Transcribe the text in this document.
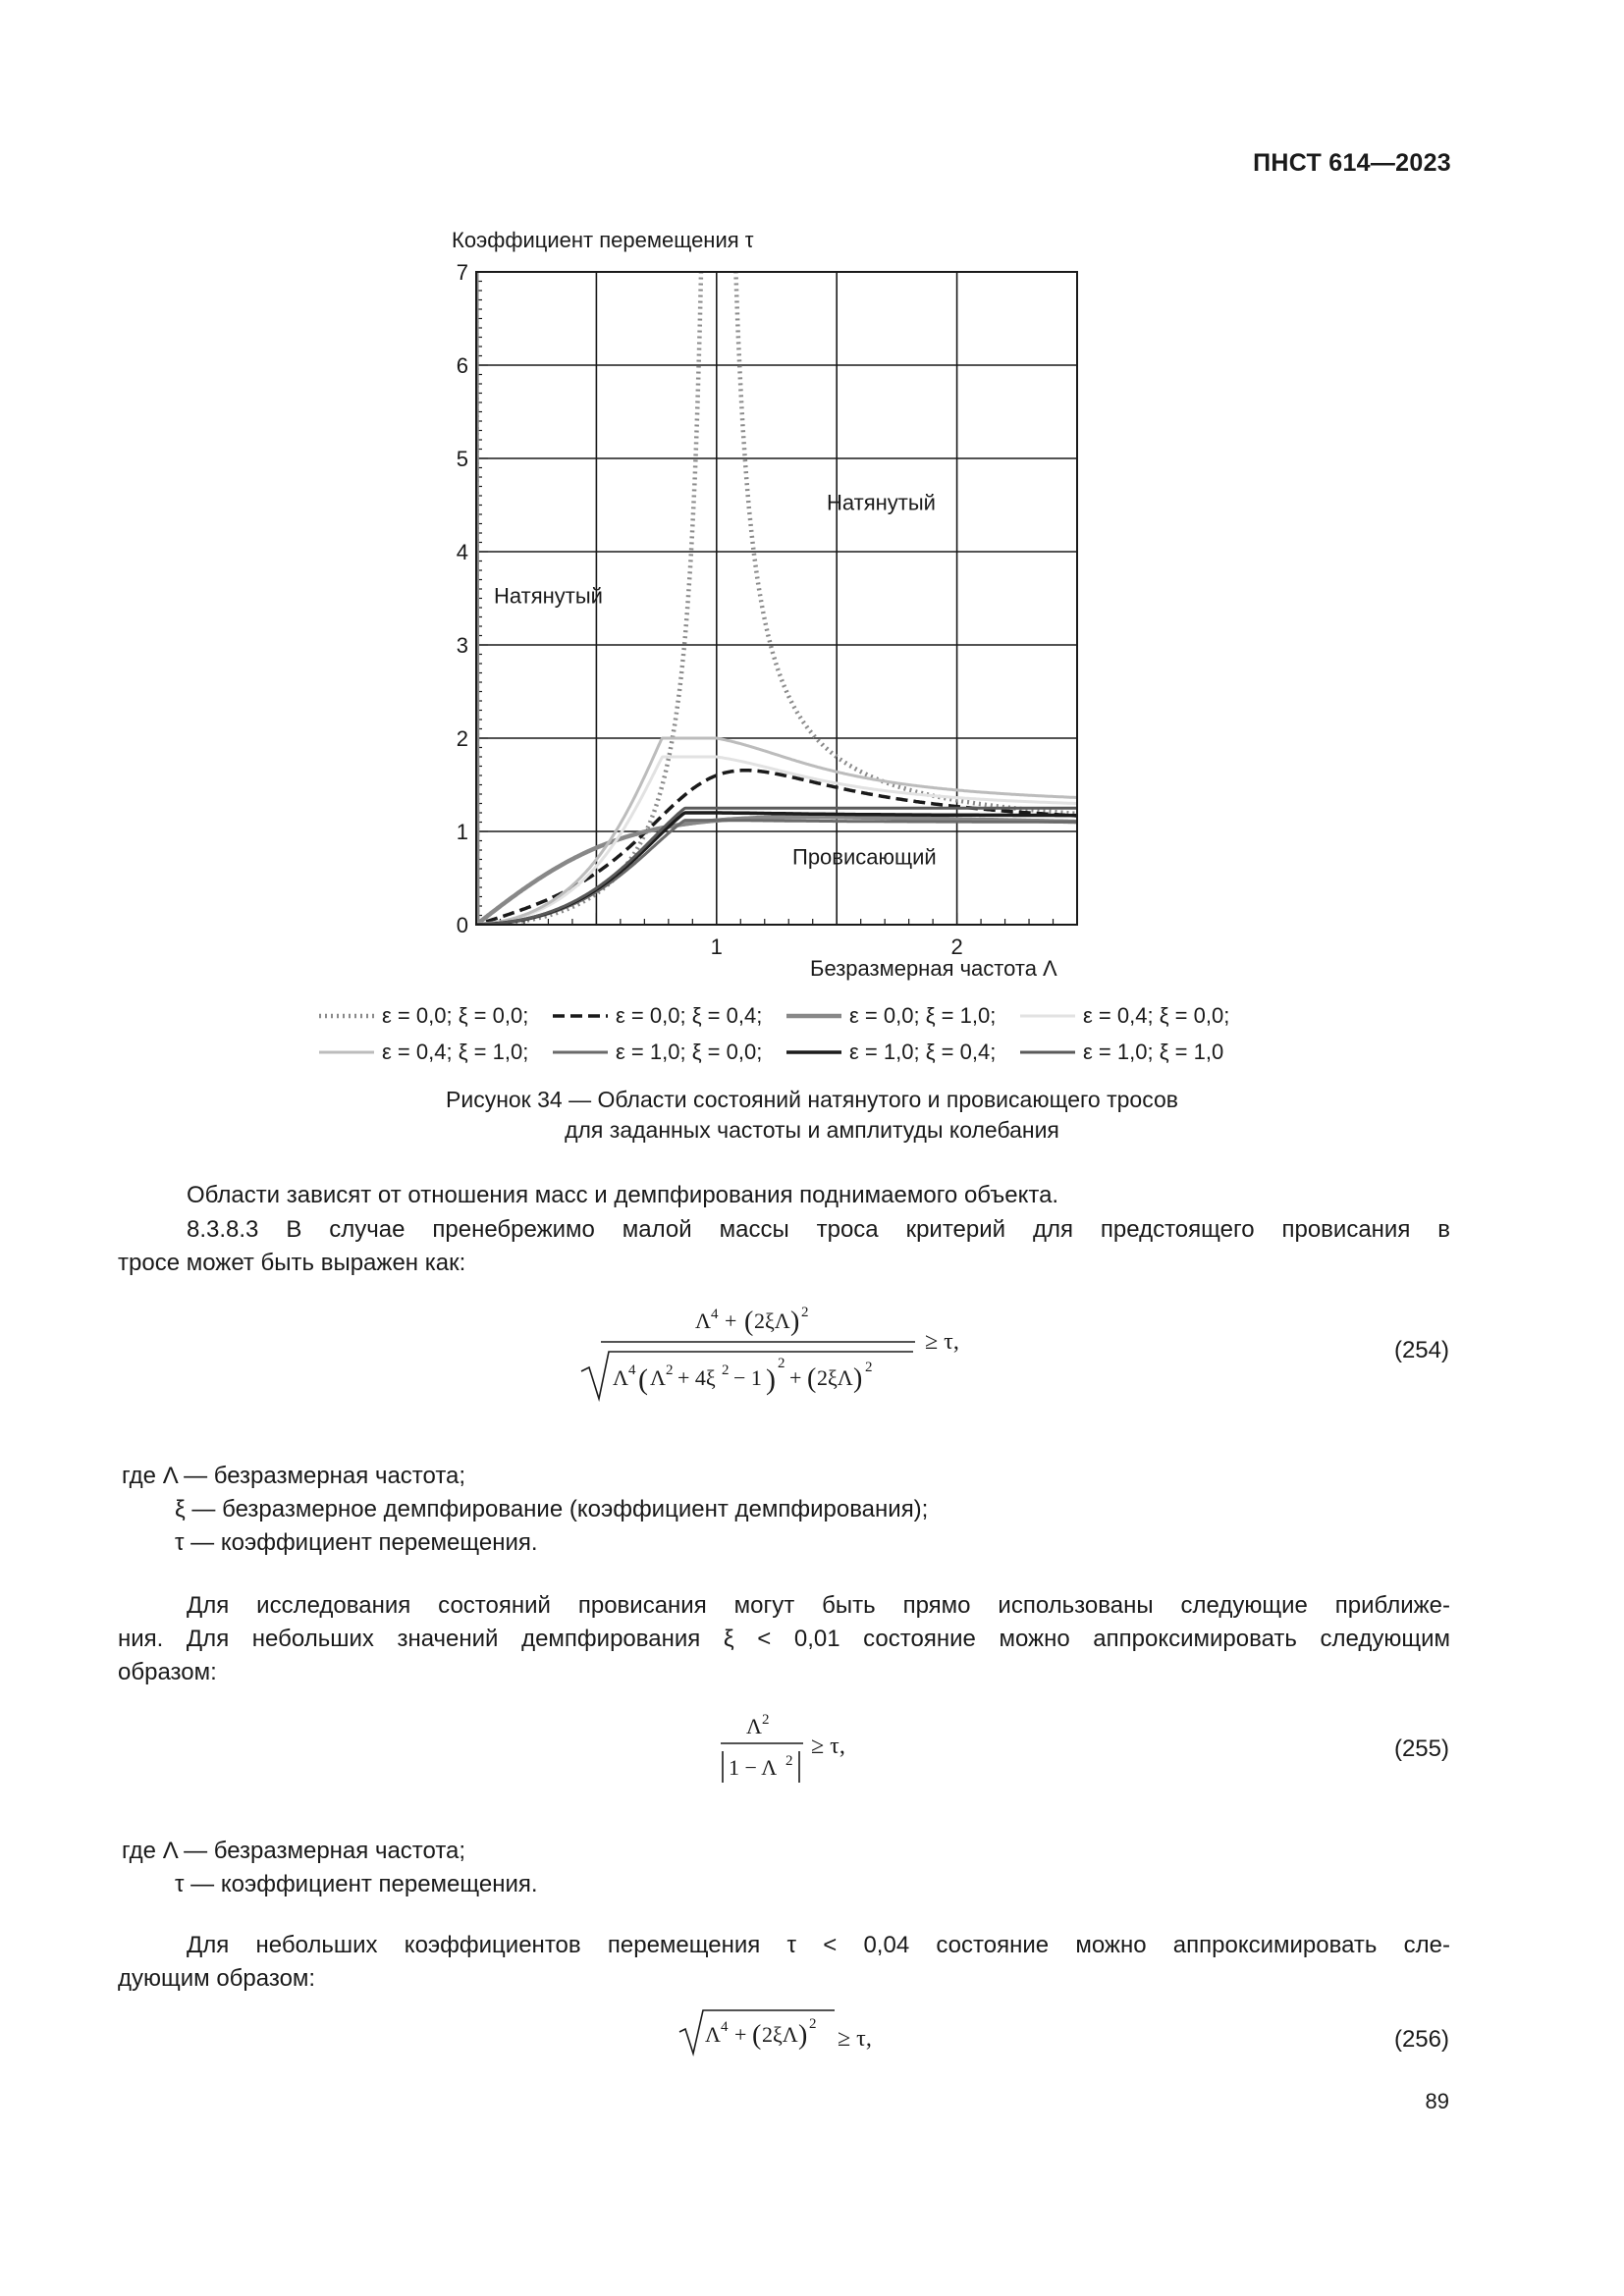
ПНСТ 614—2023
Коэффициент перемещения τ
0
1
2
3
4
5
6
7
1	2
Безразмерная частота Λ
Натянутый
Натянутый
Провисающий
ε = 0,0; ξ = 0,0;	ε = 0,0; ξ = 0,4;	ε = 0,0; ξ = 1,0;	ε = 0,4; ξ = 0,0;
ε = 0,4; ξ = 1,0;	ε = 1,0; ξ = 0,0;	ε = 1,0; ξ = 0,4;	ε = 1,0; ξ = 1,0
Рисунок 34 — Области состояний натянутого и провисающего тросов
для заданных частоты и амплитуды колебания
Области зависят от отношения масс и демпфирования поднимаемого объекта.
8.3.8.3 В случае пренебрежимо малой массы троса критерий для предстоящего провисания в
тросе может быть выражен как:
Λ 4 + ( 2ξΛ ) 2
Λ 4 ( Λ 2 + 4ξ 2 − 1 ) 2
+ ( 2ξΛ ) 2
≥ τ,	(254)
где Λ — безразмерная частота;
ξ — безразмерное демпфирование (коэффициент демпфирования);
τ — коэффициент перемещения.
Для исследования состояний провисания могут быть прямо использованы следующие приближе-
ния. Для небольших значений демпфирования ξ < 0,01 состояние можно аппроксимировать следующим
образом:
Λ 2
1 − Λ 2
≥ τ,	(255)
где Λ — безразмерная частота;
τ — коэффициент перемещения.
Для небольших коэффициентов перемещения τ < 0,04 состояние можно аппроксимировать сле-
дующим образом:
Λ 4 + ( 2ξΛ ) 2
≥ τ,	(256)
89
